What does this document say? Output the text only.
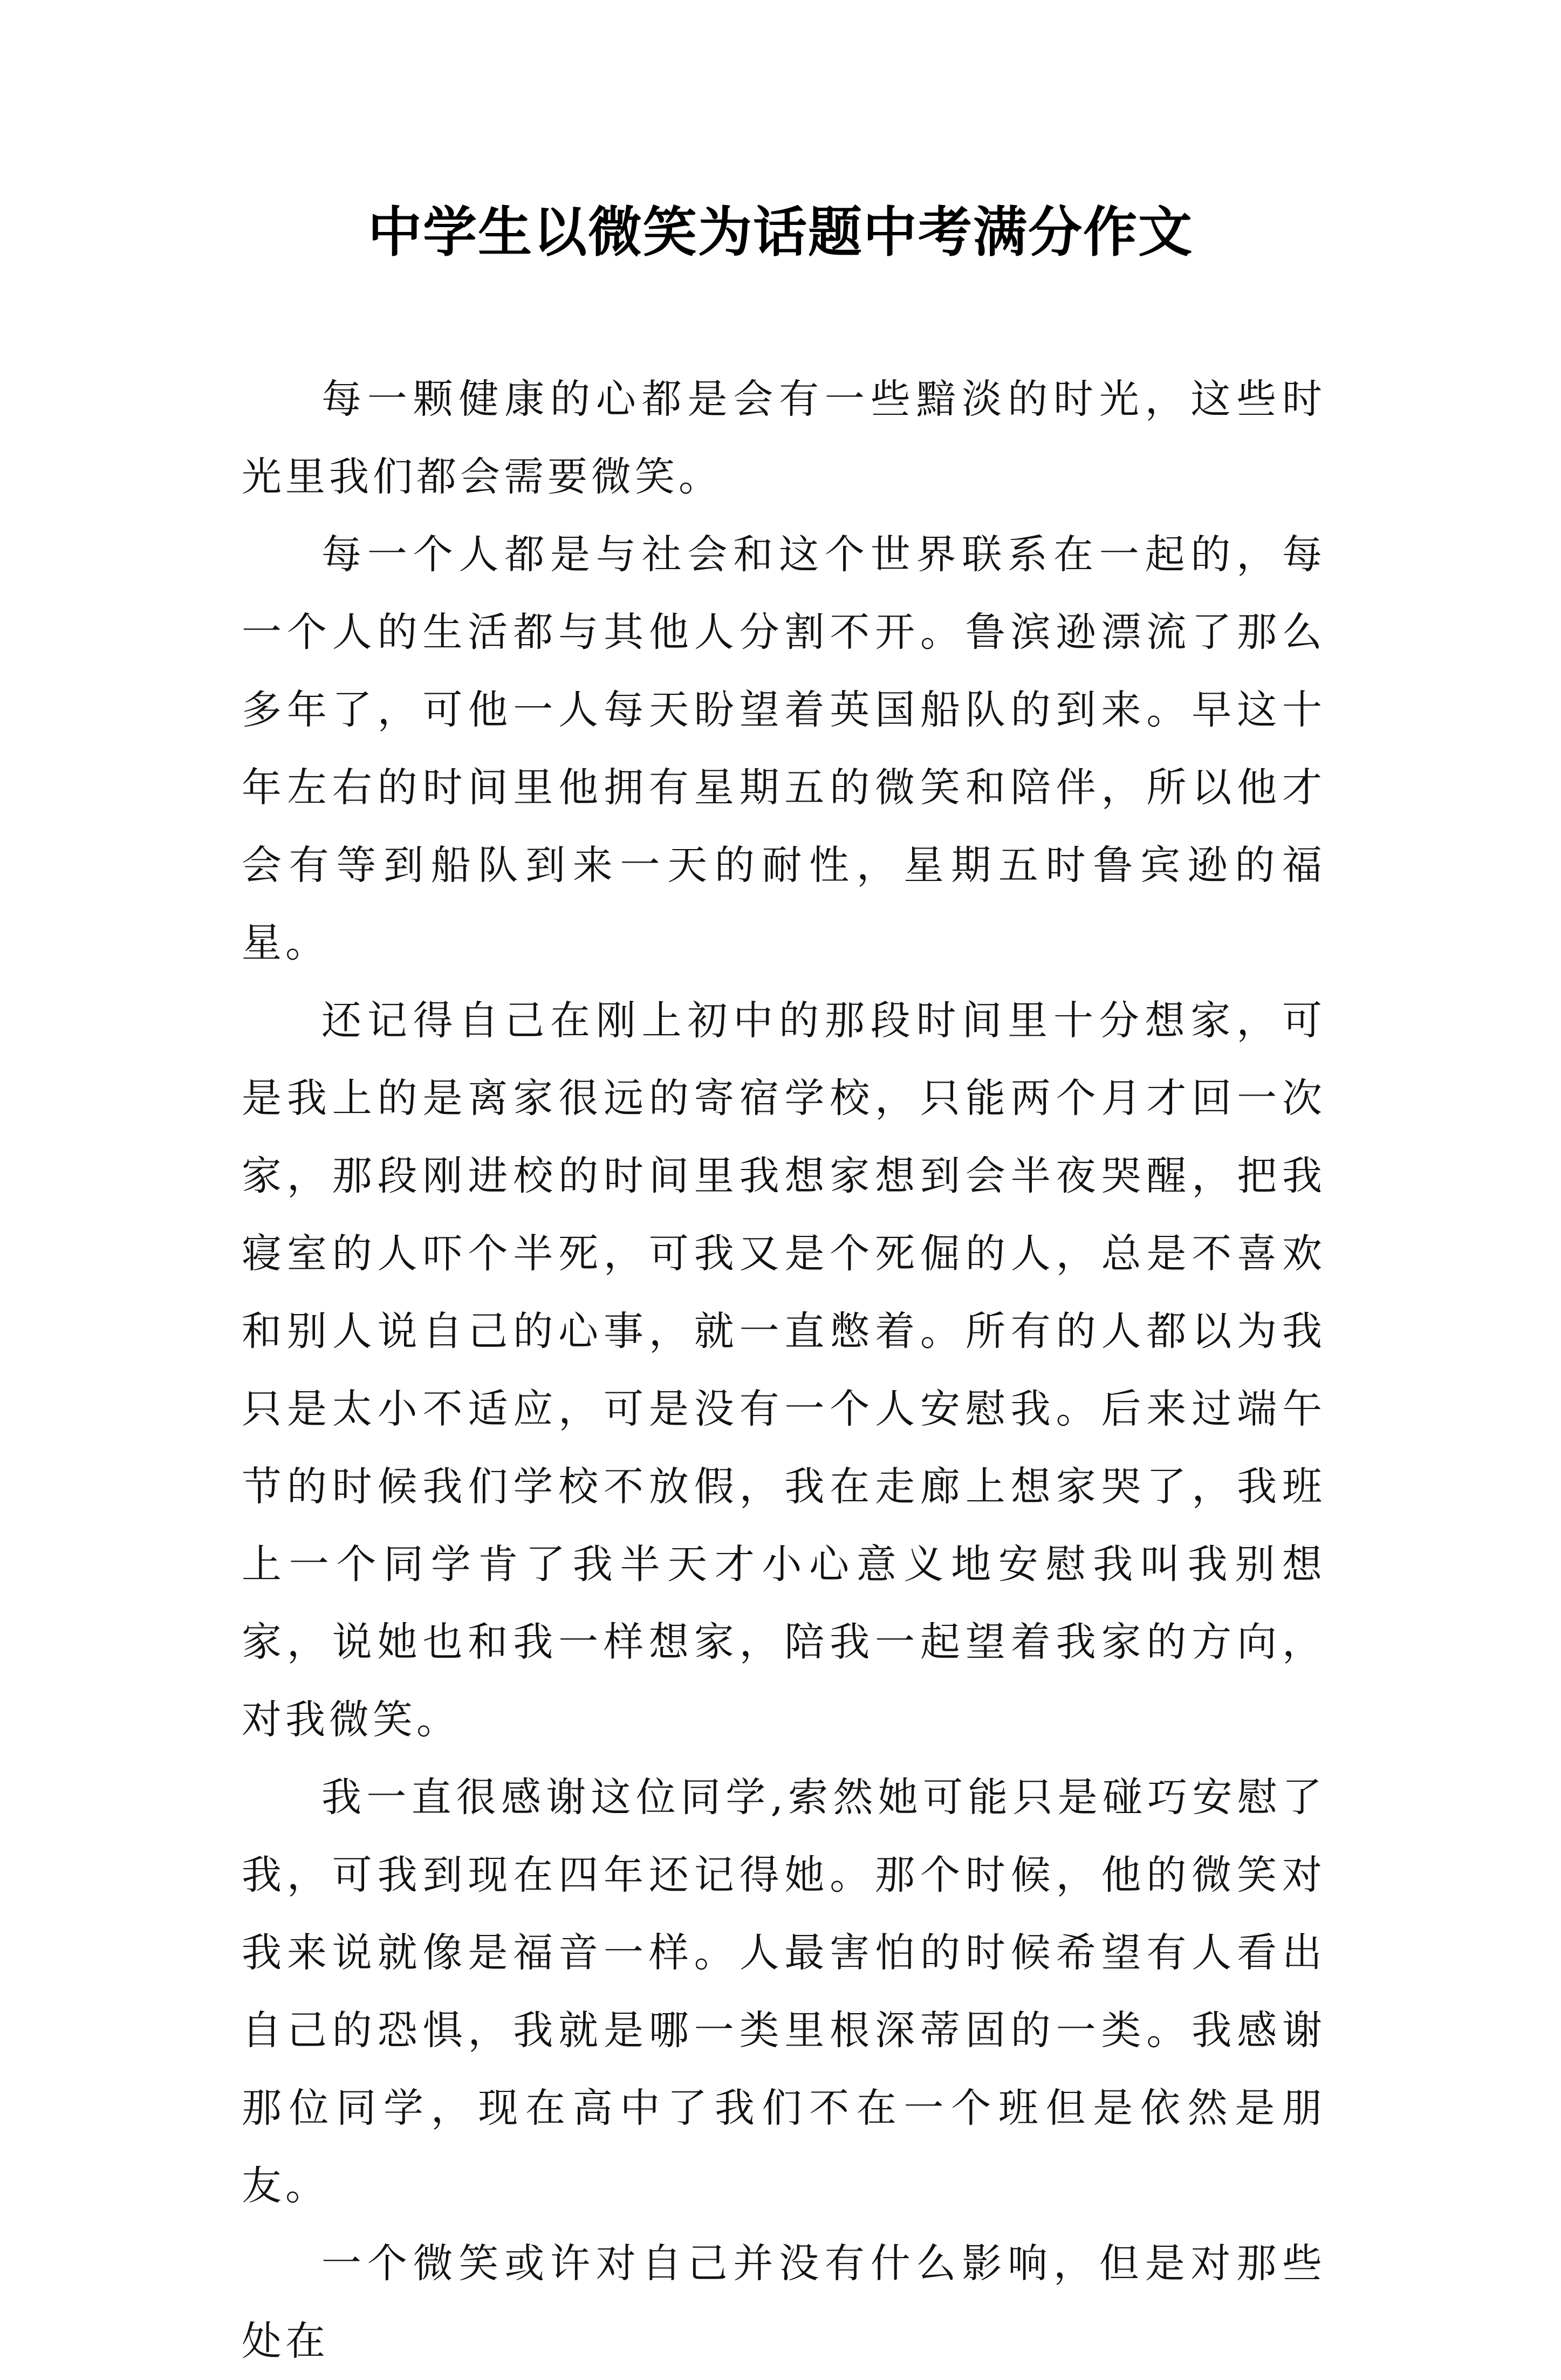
中学生以微笑为话题中考满分作文

每一颗健康的心都是会有一些黯淡的时光，这些时光里我们都会需要微笑。

每一个人都是与社会和这个世界联系在一起的，每一个人的生活都与其他人分割不开。鲁滨逊漂流了那么多年了，可他一人每天盼望着英国船队的到来。早这十年左右的时间里他拥有星期五的微笑和陪伴，所以他才会有等到船队到来一天的耐性，星期五时鲁宾逊的福星。

还记得自己在刚上初中的那段时间里十分想家，可是我上的是离家很远的寄宿学校，只能两个月才回一次家，那段刚进校的时间里我想家想到会半夜哭醒，把我寝室的人吓个半死，可我又是个死倔的人，总是不喜欢和别人说自己的心事，就一直憋着。所有的人都以为我只是太小不适应，可是没有一个人安慰我。后来过端午节的时候我们学校不放假，我在走廊上想家哭了，我班上一个同学肯了我半天才小心意义地安慰我叫我别想家，说她也和我一样想家，陪我一起望着我家的方向，对我微笑。

我一直很感谢这位同学,索然她可能只是碰巧安慰了我，可我到现在四年还记得她。那个时候，他的微笑对我来说就像是福音一样。人最害怕的时候希望有人看出自己的恐惧，我就是哪一类里根深蒂固的一类。我感谢那位同学，现在高中了我们不在一个班但是依然是朋友。

一个微笑或许对自己并没有什么影响，但是对那些处在
